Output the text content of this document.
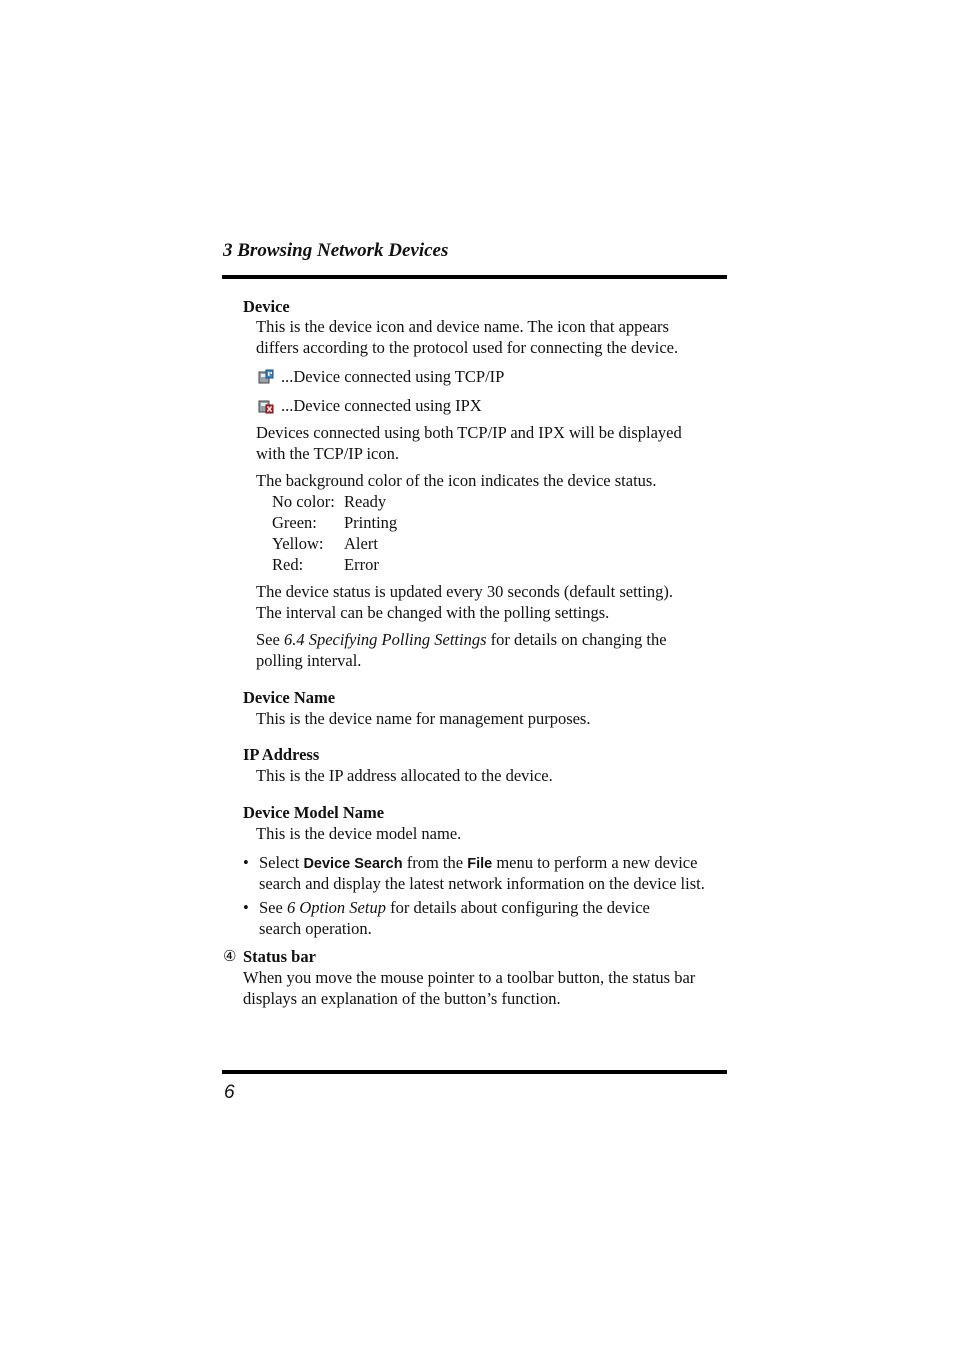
3 Browsing Network Devices
Device
This is the device icon and device name. The icon that appears
differs according to the protocol used for connecting the device.
...Device connected using TCP/IP
...Device connected using IPX
Devices connected using both TCP/IP and IPX will be displayed
with the TCP/IP icon.
The background color of the icon indicates the device status.
No color: Ready
Green: Printing
Yellow: Alert
Red: Error
The device status is updated every 30 seconds (default setting).
The interval can be changed with the polling settings.
See 6.4 Specifying Polling Settings for details on changing the
polling interval.
Device Name
This is the device name for management purposes.
IP Address
This is the IP address allocated to the device.
Device Model Name
This is the device model name.
• Select Device Search from the File menu to perform a new device
search and display the latest network information on the device list.
• See 6 Option Setup for details about configuring the device
search operation.
④ Status bar
When you move the mouse pointer to a toolbar button, the status bar
displays an explanation of the button’s function.
6
